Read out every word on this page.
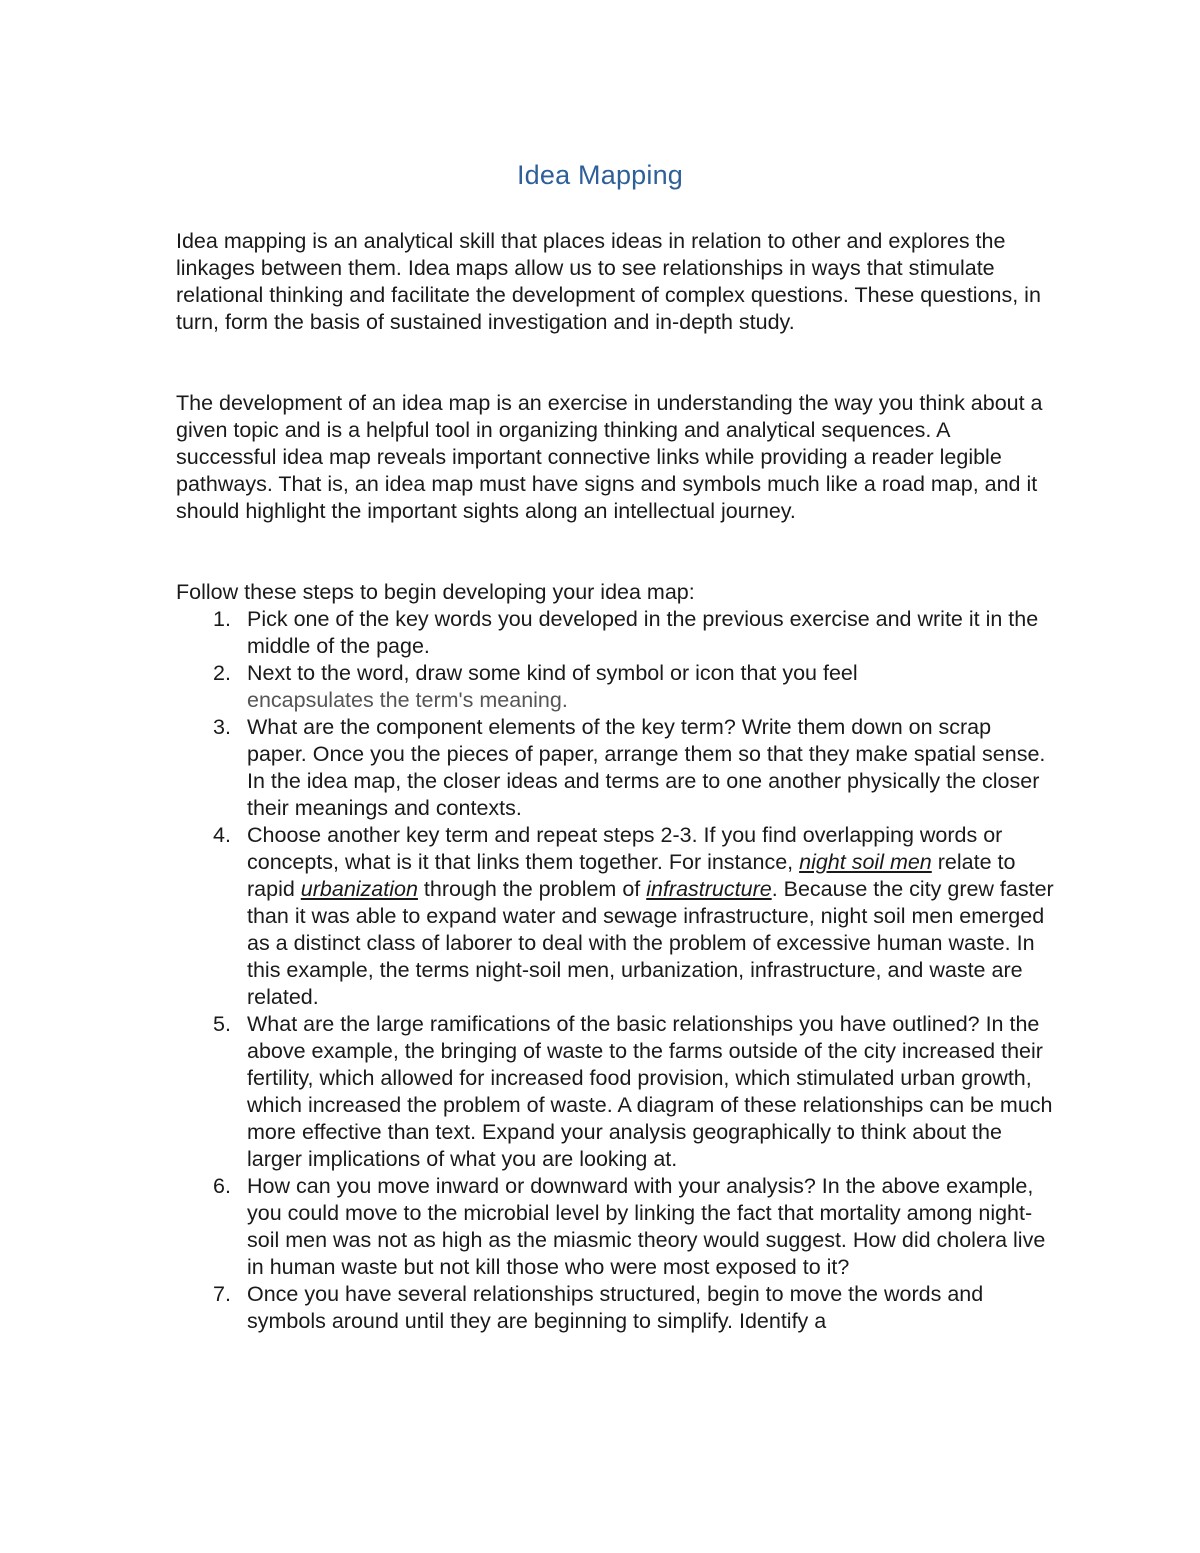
Idea Mapping

Idea mapping is an analytical skill that places ideas in relation to other and explores the linkages between them. Idea maps allow us to see relationships in ways that stimulate relational thinking and facilitate the development of complex questions. These questions, in turn, form the basis of sustained investigation and in-depth study.

The development of an idea map is an exercise in understanding the way you think about a given topic and is a helpful tool in organizing thinking and analytical sequences. A successful idea map reveals important connective links while providing a reader legible pathways. That is, an idea map must have signs and symbols much like a road map, and it should highlight the important sights along an intellectual journey.

Follow these steps to begin developing your idea map:

1. Pick one of the key words you developed in the previous exercise and write it in the middle of the page.
2. Next to the word, draw some kind of symbol or icon that you feel
encapsulates the term's meaning.
3. What are the component elements of the key term? Write them down on scrap paper. Once you the pieces of paper, arrange them so that they make spatial sense. In the idea map, the closer ideas and terms are to one another physically the closer their meanings and contexts.
4. Choose another key term and repeat steps 2-3. If you find overlapping words or concepts, what is it that links them together. For instance, night soil men relate to rapid urbanization through the problem of infrastructure. Because the city grew faster than it was able to expand water and sewage infrastructure, night soil men emerged as a distinct class of laborer to deal with the problem of excessive human waste. In this example, the terms night-soil men, urbanization, infrastructure, and waste are related.
5. What are the large ramifications of the basic relationships you have outlined? In the above example, the bringing of waste to the farms outside of the city increased their fertility, which allowed for increased food provision, which stimulated urban growth, which increased the problem of waste. A diagram of these relationships can be much more effective than text. Expand your analysis geographically to think about the larger implications of what you are looking at.
6. How can you move inward or downward with your analysis? In the above example, you could move to the microbial level by linking the fact that mortality among night-soil men was not as high as the miasmic theory would suggest. How did cholera live in human waste but not kill those who were most exposed to it?
7. Once you have several relationships structured, begin to move the words and symbols around until they are beginning to simplify. Identify a
